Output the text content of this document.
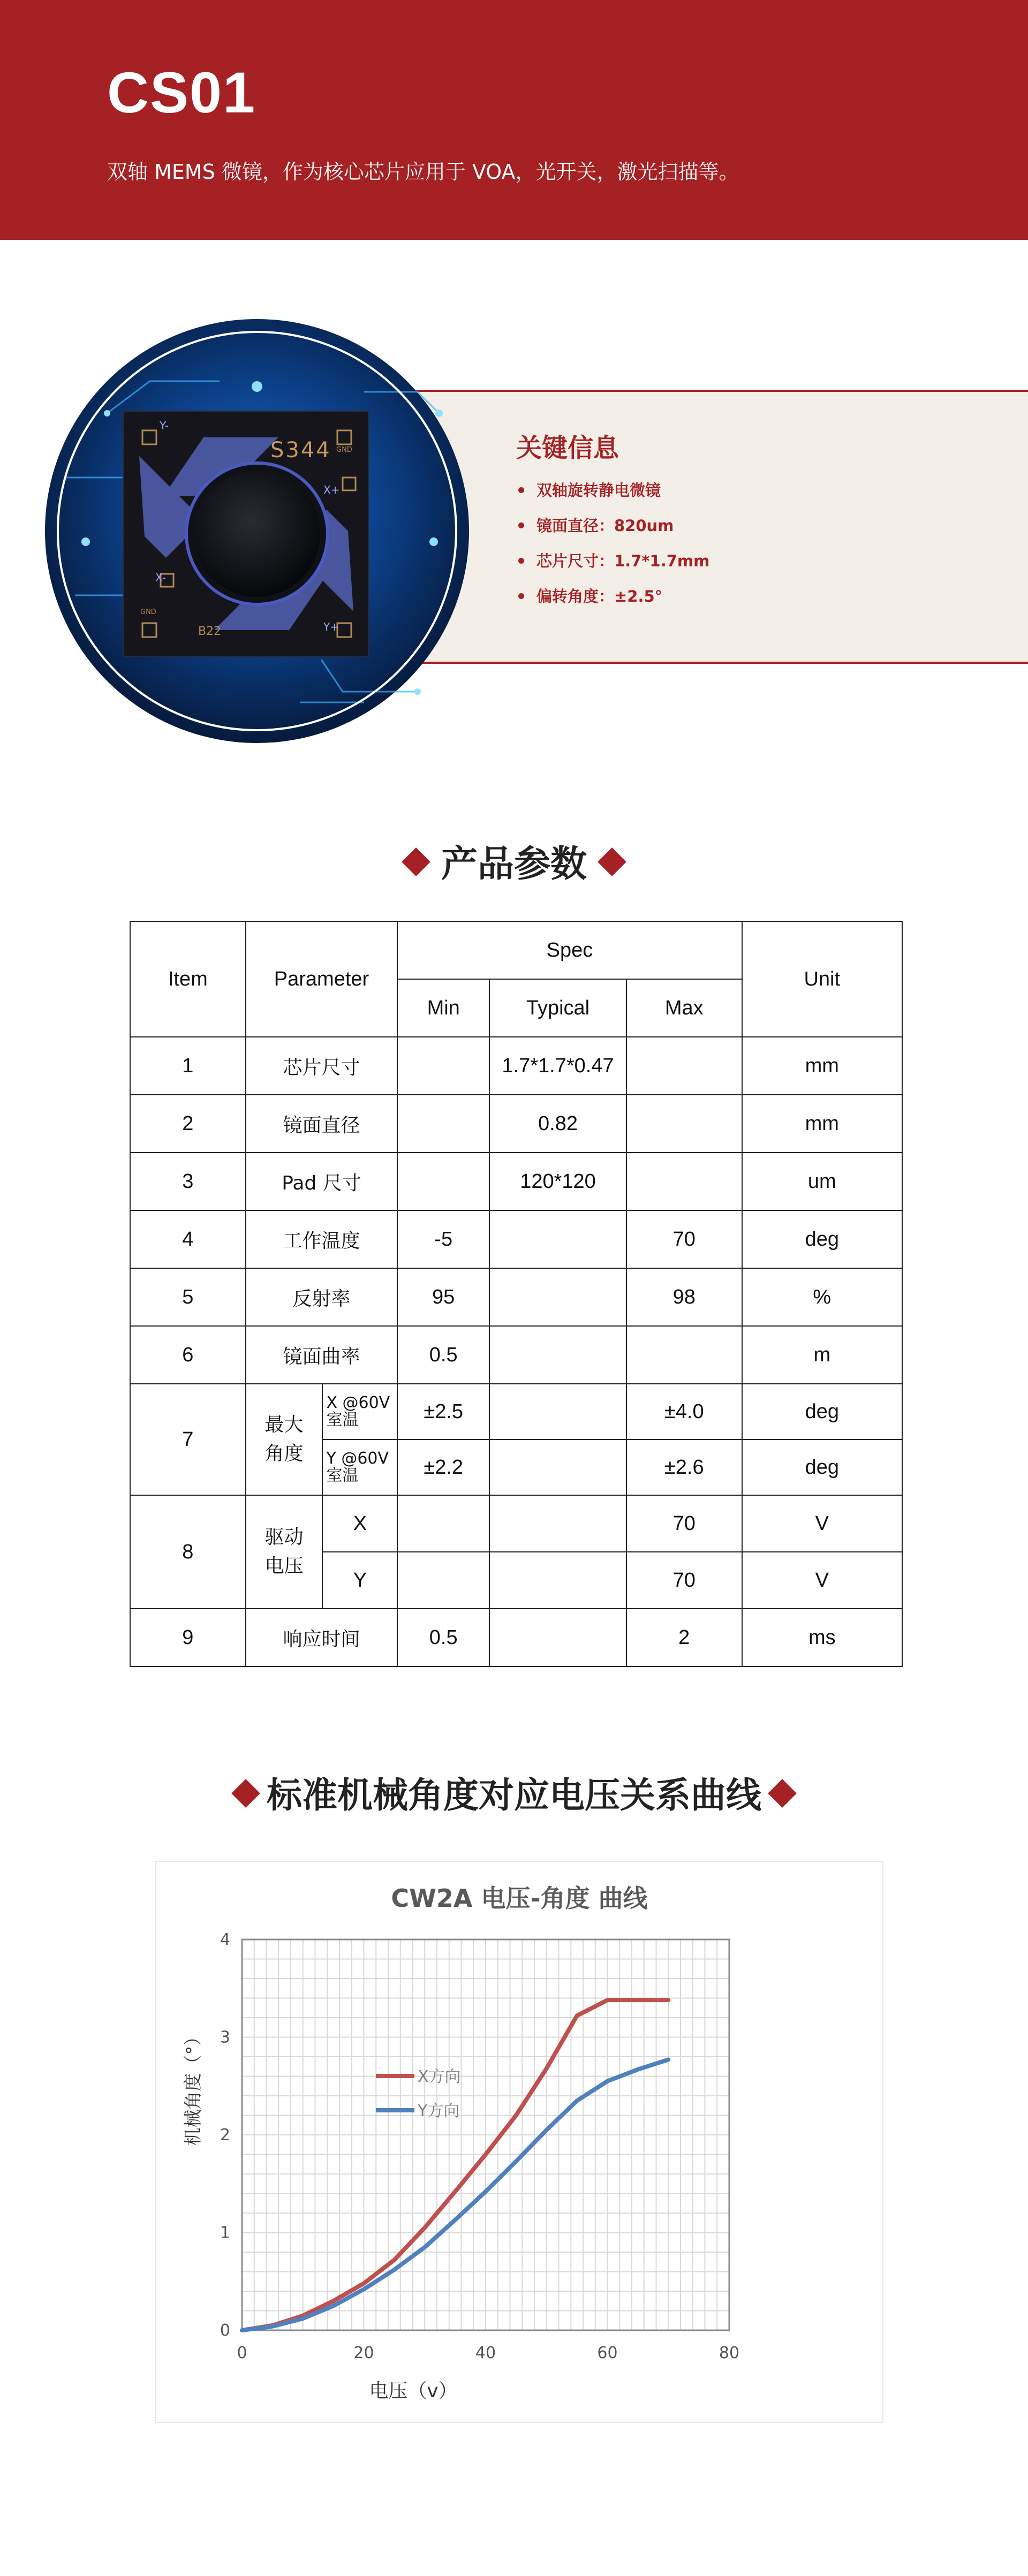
CS01
双轴 MEMS 微镜，作为核心芯片应用于 VOA，光开关，激光扫描等。
S344
Y-
X+
X-
Y+
GND
GND
B22
关键信息
双轴旋转静电微镜
镜面直径：820um
芯片尺寸：1.7*1.7mm
偏转角度：±2.5°
产品参数
Item	Parameter		Spec			Unit
			Min	Typical	Max	
1	芯片尺寸			1.7*1.7*0.47		mm
2	镜面直径			0.82		mm
3	Pad 尺寸			120*120		um
4	工作温度		-5		70	deg
5	反射率		95		98	%
6	镜面曲率		0.5			m
7	最大角度	X @60V 室温	±2.5		±4.0	deg
		Y @60V 室温	±2.2		±2.6	deg
8	驱动电压	X			70	V
		Y			70	V
9	响应时间		0.5		2	ms
标准机械角度对应电压关系曲线
CW2A 电压-角度 曲线
0	20	40	60	80
0
1
2
3
4
X方向
Y方向
电压（v）
机械角度（°）
